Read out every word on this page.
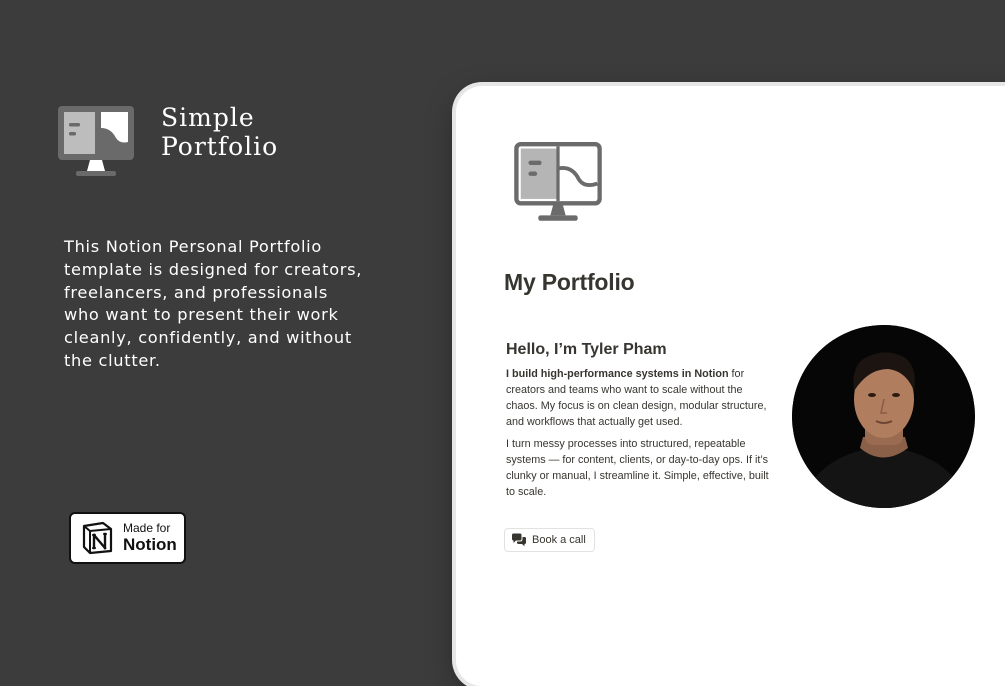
Simple
Portfolio

This Notion Personal Portfolio template is designed for creators, freelancers, and professionals who want to present their work cleanly, confidently, and without the clutter.

Made for
Notion
My Portfolio
Hello, I’m Tyler Pham

I build high-performance systems in Notion for creators and teams who want to scale without the chaos. My focus is on clean design, modular structure, and workflows that actually get used.

I turn messy processes into structured, repeatable systems — for content, clients, or day-to-day ops. If it’s clunky or manual, I streamline it. Simple, effective, built to scale.

Book a call
